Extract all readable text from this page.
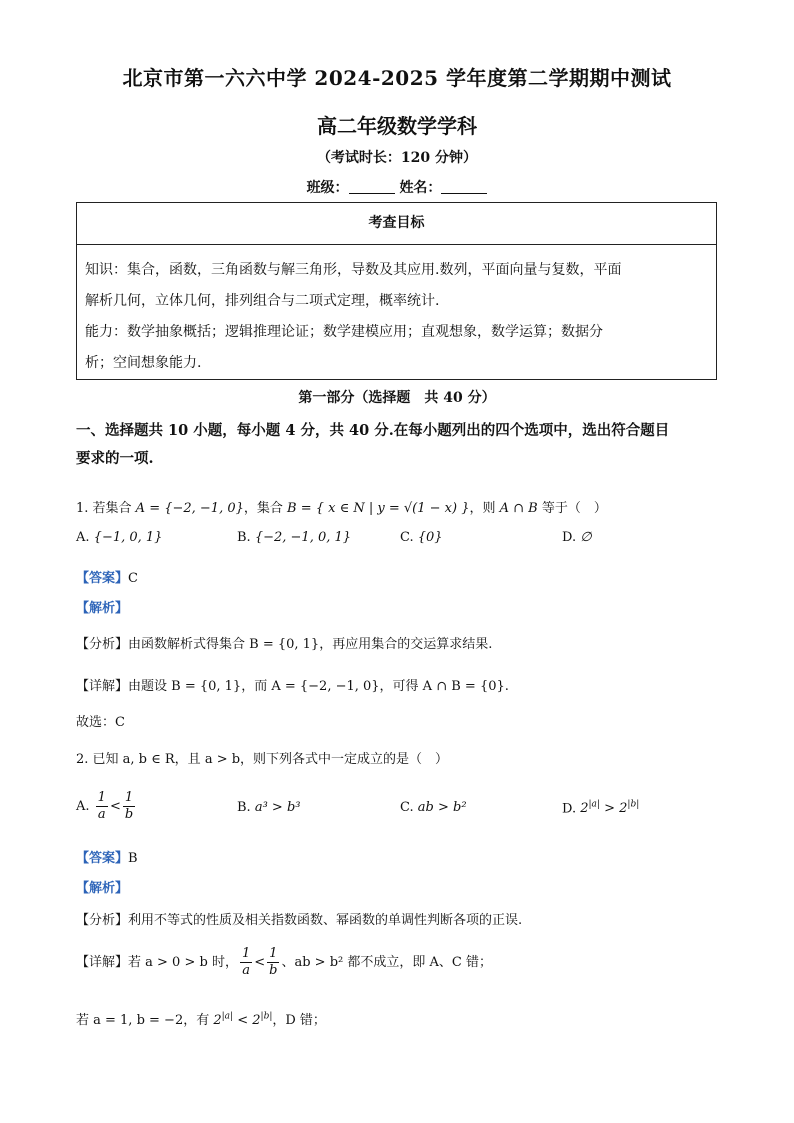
北京市第一六六中学 2024-2025 学年度第二学期期中测试
高二年级数学学科
（考试时长：120 分钟）
班级：	姓名：
考查目标
知识：集合，函数，三角函数与解三角形，导数及其应用.数列，平面向量与复数，平面
解析几何，立体几何，排列组合与二项式定理，概率统计.
能力：数学抽象概括；逻辑推理论证；数学建模应用；直观想象，数学运算；数据分
析；空间想象能力.
第一部分（选择题　共 40 分）
一、选择题共 10 小题，每小题 4 分，共 40 分.在每小题列出的四个选项中，选出符合题目
要求的一项.
1. 若集合 A = {−2, −1, 0}，集合 B = { x ∈ N | y = √(1 − x) }，则 A ∩ B 等于（　）
A. {−1, 0, 1}	B. {−2, −1, 0, 1}	C. {0}	D. ∅
【答案】C
【解析】
【分析】由函数解析式得集合 B = {0, 1}，再应用集合的交运算求结果.
【详解】由题设 B = {0, 1}，而 A = {−2, −1, 0}，可得 A ∩ B = {0}.
故选：C
2. 已知 a, b ∈ R，且 a > b，则下列各式中一定成立的是（　）
A. $\frac{1}{a} < \frac{1}{b}$	B. a³ > b³	C. ab > b²	D. $2^{|a|} > 2^{|b|}$
【答案】B
【解析】
【分析】利用不等式的性质及相关指数函数、幂函数的单调性判断各项的正误.
【详解】若 a > 0 > b 时， $\frac{1}{a} < \frac{1}{b}$ 、ab > b² 都不成立，即 A、C 错；
若 a = 1, b = −2，有 $2^{|a|} < 2^{|b|}$，D 错；
